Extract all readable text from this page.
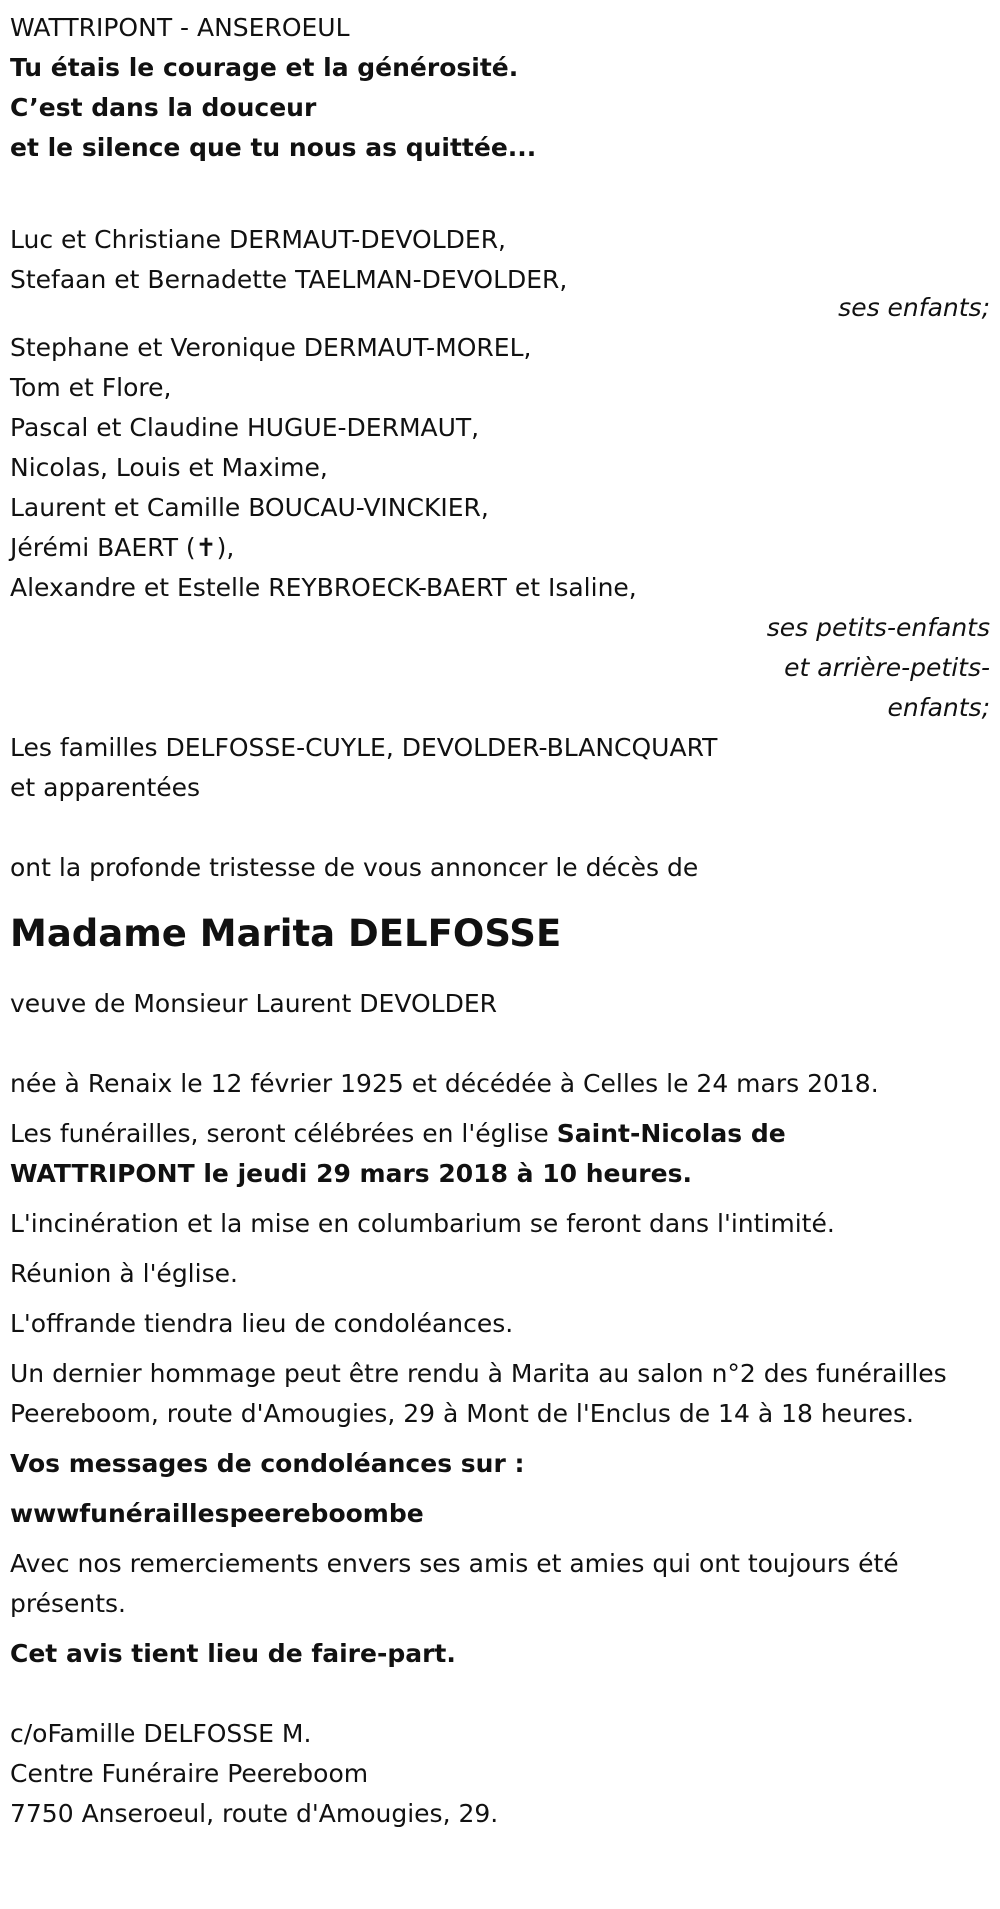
WATTRIPONT - ANSEROEUL
Tu étais le courage et la générosité.
C’est dans la douceur
et le silence que tu nous as quittée...
Luc et Christiane DERMAUT-DEVOLDER,
Stefaan et Bernadette TAELMAN-DEVOLDER,
ses enfants;
Stephane et Veronique DERMAUT-MOREL,
Tom et Flore,
Pascal et Claudine HUGUE-DERMAUT,
Nicolas, Louis et Maxime,
Laurent et Camille BOUCAU-VINCKIER,
Jérémi BAERT (✝),
Alexandre et Estelle REYBROECK-BAERT et Isaline,
ses petits-enfants
et arrière-petits-
enfants;
Les familles DELFOSSE-CUYLE, DEVOLDER-BLANCQUART
et apparentées
ont la profonde tristesse de vous annoncer le décès de
Madame Marita DELFOSSE
veuve de Monsieur Laurent DEVOLDER
née à Renaix le 12 février 1925 et décédée à Celles le 24 mars 2018.
Les funérailles, seront célébrées en l'église Saint-Nicolas de WATTRIPONT le jeudi 29 mars 2018 à 10 heures.
L'incinération et la mise en columbarium se feront dans l'intimité.
Réunion à l'église.
L'offrande tiendra lieu de condoléances.
Un dernier hommage peut être rendu à Marita au salon n°2 des funérailles Peereboom, route d'Amougies, 29 à Mont de l'Enclus de 14 à 18 heures.
Vos messages de condoléances sur :
wwwfunéraillespeereboombe
Avec nos remerciements envers ses amis et amies qui ont toujours été présents.
Cet avis tient lieu de faire-part.
c/oFamille DELFOSSE M.
Centre Funéraire Peereboom
7750 Anseroeul, route d'Amougies, 29.
